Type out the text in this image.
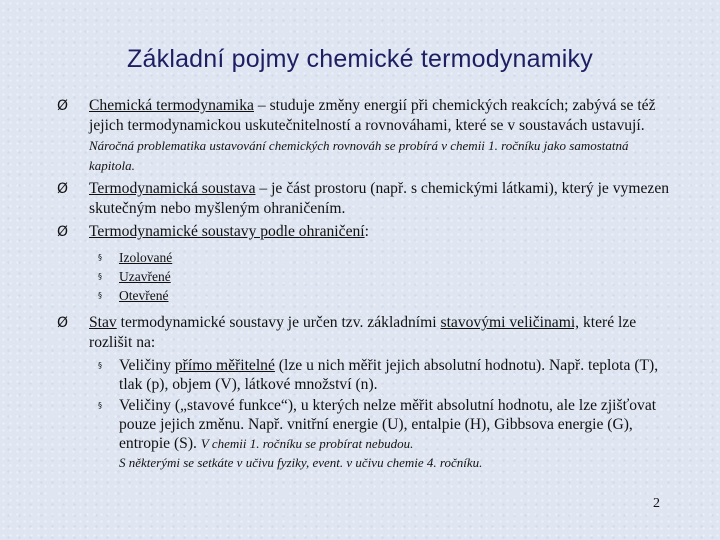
Základní pojmy chemické termodynamiky
Ø Chemická termodynamika – studuje změny energií při chemických reakcích; zabývá se též jejich termodynamickou uskutečnitelností a rovnováhami, které se v soustavách ustavují. Náročná problematika ustavování chemických rovnováh se probírá v chemii 1. ročníku jako samostatná kapitola.
Ø Termodynamická soustava – je část prostoru (např. s chemickými látkami), který je vymezen skutečným nebo myšleným ohraničením.
Ø Termodynamické soustavy podle ohraničení:
§ Izolované
§ Uzavřené
§ Otevřené
Ø Stav termodynamické soustavy je určen tzv. základními stavovými veličinami, které lze rozlišit na:
§ Veličiny přímo měřitelné (lze u nich měřit jejich absolutní hodnotu). Např. teplota (T), tlak (p), objem (V), látkové množství (n).
§ Veličiny („stavové funkce“), u kterých nelze měřit absolutní hodnotu, ale lze zjišťovat pouze jejich změnu. Např. vnitřní energie (U), entalpie (H), Gibbsova energie (G), entropie (S). V chemii 1. ročníku se probírat nebudou.
S některými se setkáte v učivu fyziky, event. v učivu chemie 4. ročníku.
2
